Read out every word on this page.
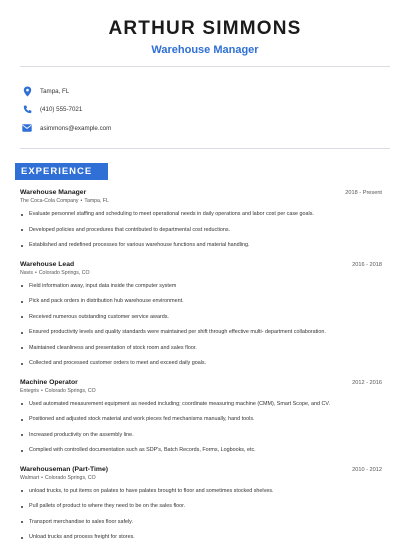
ARTHUR SIMMONS
Warehouse Manager
Tampa, FL
(410) 555-7021
asimmons@example.com
EXPERIENCE
Warehouse Manager	2018 - Present
The Coca-Cola Company • Tampa, FL
Evaluate personnel staffing and scheduling to meet operational needs in daily operations and labor cost per case goals.
Developed policies and procedures that contributed to departmental cost reductions.
Established and redefined processes for various warehouse functions and material handling.
Warehouse Lead	2016 - 2018
Navis • Colorado Springs, CO
Field information away, input data inside the computer system
Pick and pack orders in distribution hub warehouse environment.
Received numerous outstanding customer service awards.
Ensured productivity levels and quality standards were maintained per shift through effective multi- department collaboration.
Maintained cleanliness and presentation of stock room and sales floor.
Collected and processed customer orders to meet and exceed daily goals.
Machine Operator	2012 - 2016
Entegris • Colorado Springs, CO
Used automated measurement equipment as needed including; coordinate measuring machine (CMM), Smart Scope, and CV.
Positioned and adjusted stock material and work pieces fed mechanisms manually, hand tools.
Increased productivity on the assembly line.
Complied with controlled documentation such as SDP's, Batch Records, Forms, Logbooks, etc.
Warehouseman (Part-Time)	2010 - 2012
Walmart • Colorado Springs, CO
unload trucks, to put items on palates to have palates brought to floor and sometimes stocked shelves.
Pull pallets of product to where they need to be on the sales floor.
Transport merchandise to sales floor safely.
Unload trucks and process freight for stores.
